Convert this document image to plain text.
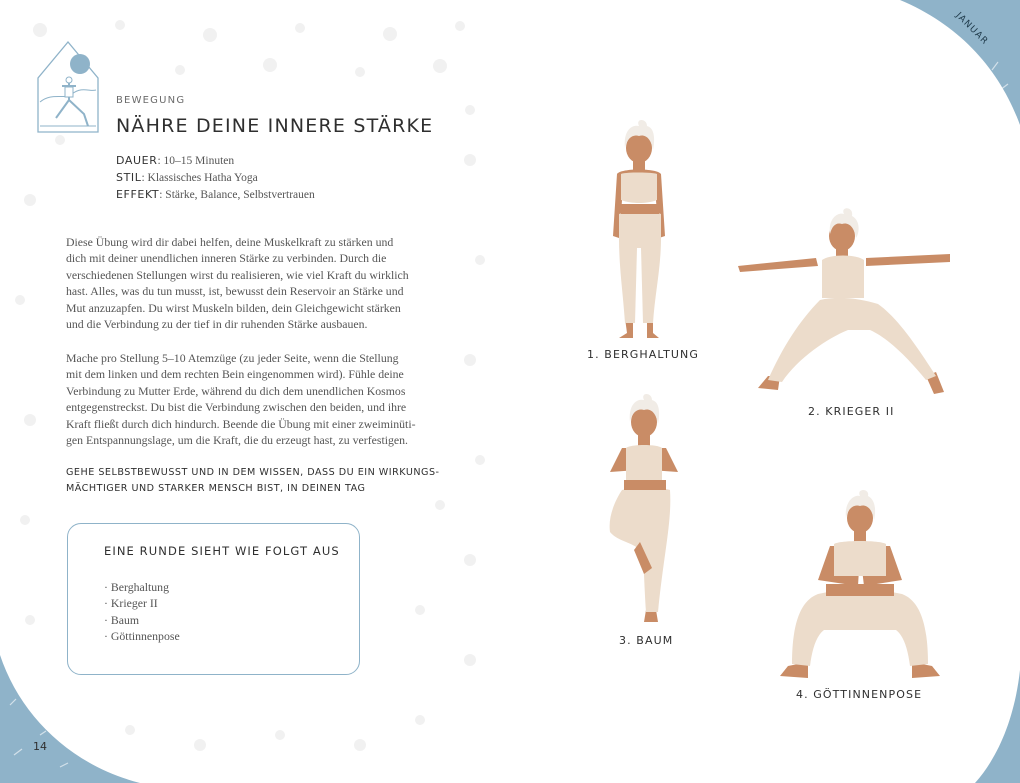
JANUAR
BEWEGUNG
NÄHRE DEINE INNERE STÄRKE
DAUER: 10–15 Minuten
STIL: Klassisches Hatha Yoga
EFFEKT: Stärke, Balance, Selbstvertrauen

Diese Übung wird dir dabei helfen, deine Muskelkraft zu stärken und

dich mit deiner unendlichen inneren Stärke zu verbinden. Durch die

verschiedenen Stellungen wirst du realisieren, wie viel Kraft du wirklich

hast. Alles, was du tun musst, ist, bewusst dein Reservoir an Stärke und

Mut anzuzapfen. Du wirst Muskeln bilden, dein Gleichgewicht stärken

und die Verbindung zu der tief in dir ruhenden Stärke ausbauen.

Mache pro Stellung 5–10 Atemzüge (zu jeder Seite, wenn die Stellung

mit dem linken und dem rechten Bein eingenommen wird). Fühle deine

Verbindung zu Mutter Erde, während du dich dem unendlichen Kosmos

entgegenstreckst. Du bist die Verbindung zwischen den beiden, und ihre

Kraft fließt durch dich hindurch. Beende die Übung mit einer zweiminüti-

gen Entspannungslage, um die Kraft, die du erzeugt hast, zu verfestigen.

GEHE SELBSTBEWUSST UND IN DEM WISSEN, DASS DU EIN WIRKUNGS-
MÄCHTIGER UND STARKER MENSCH BIST, IN DEINEN TAG
EINE RUNDE SIEHT WIE FOLGT AUS
· Berghaltung
· Krieger II
· Baum
· Göttinnenpose
14
1. BERGHALTUNG
2. KRIEGER II
3. BAUM
4. GÖTTINNENPOSE
